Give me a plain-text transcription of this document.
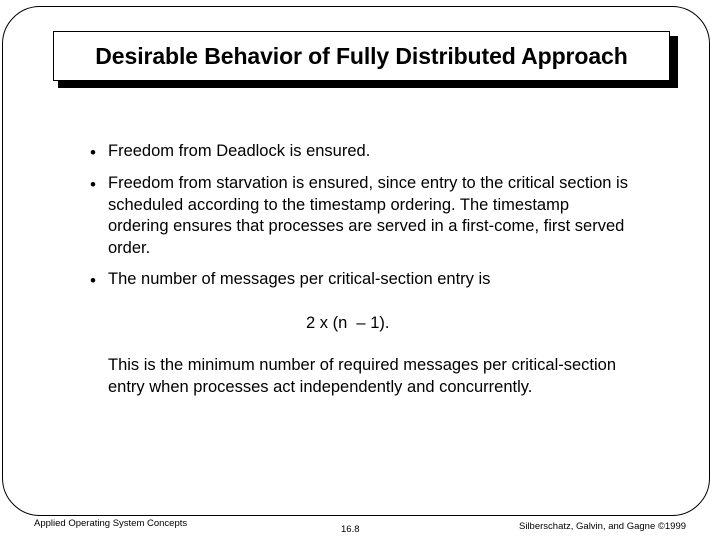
Desirable Behavior of Fully Distributed Approach
• Freedom from Deadlock is ensured.
• Freedom from starvation is ensured, since entry to the critical section is scheduled according to the timestamp ordering. The timestamp ordering ensures that processes are served in a first-come, first served order.
• The number of messages per critical-section entry is
2 x (n  – 1).
This is the minimum number of required messages per critical-section entry when processes act independently and concurrently.
Applied Operating System Concepts
16.8	Silberschatz, Galvin, and Gagne ©1999
